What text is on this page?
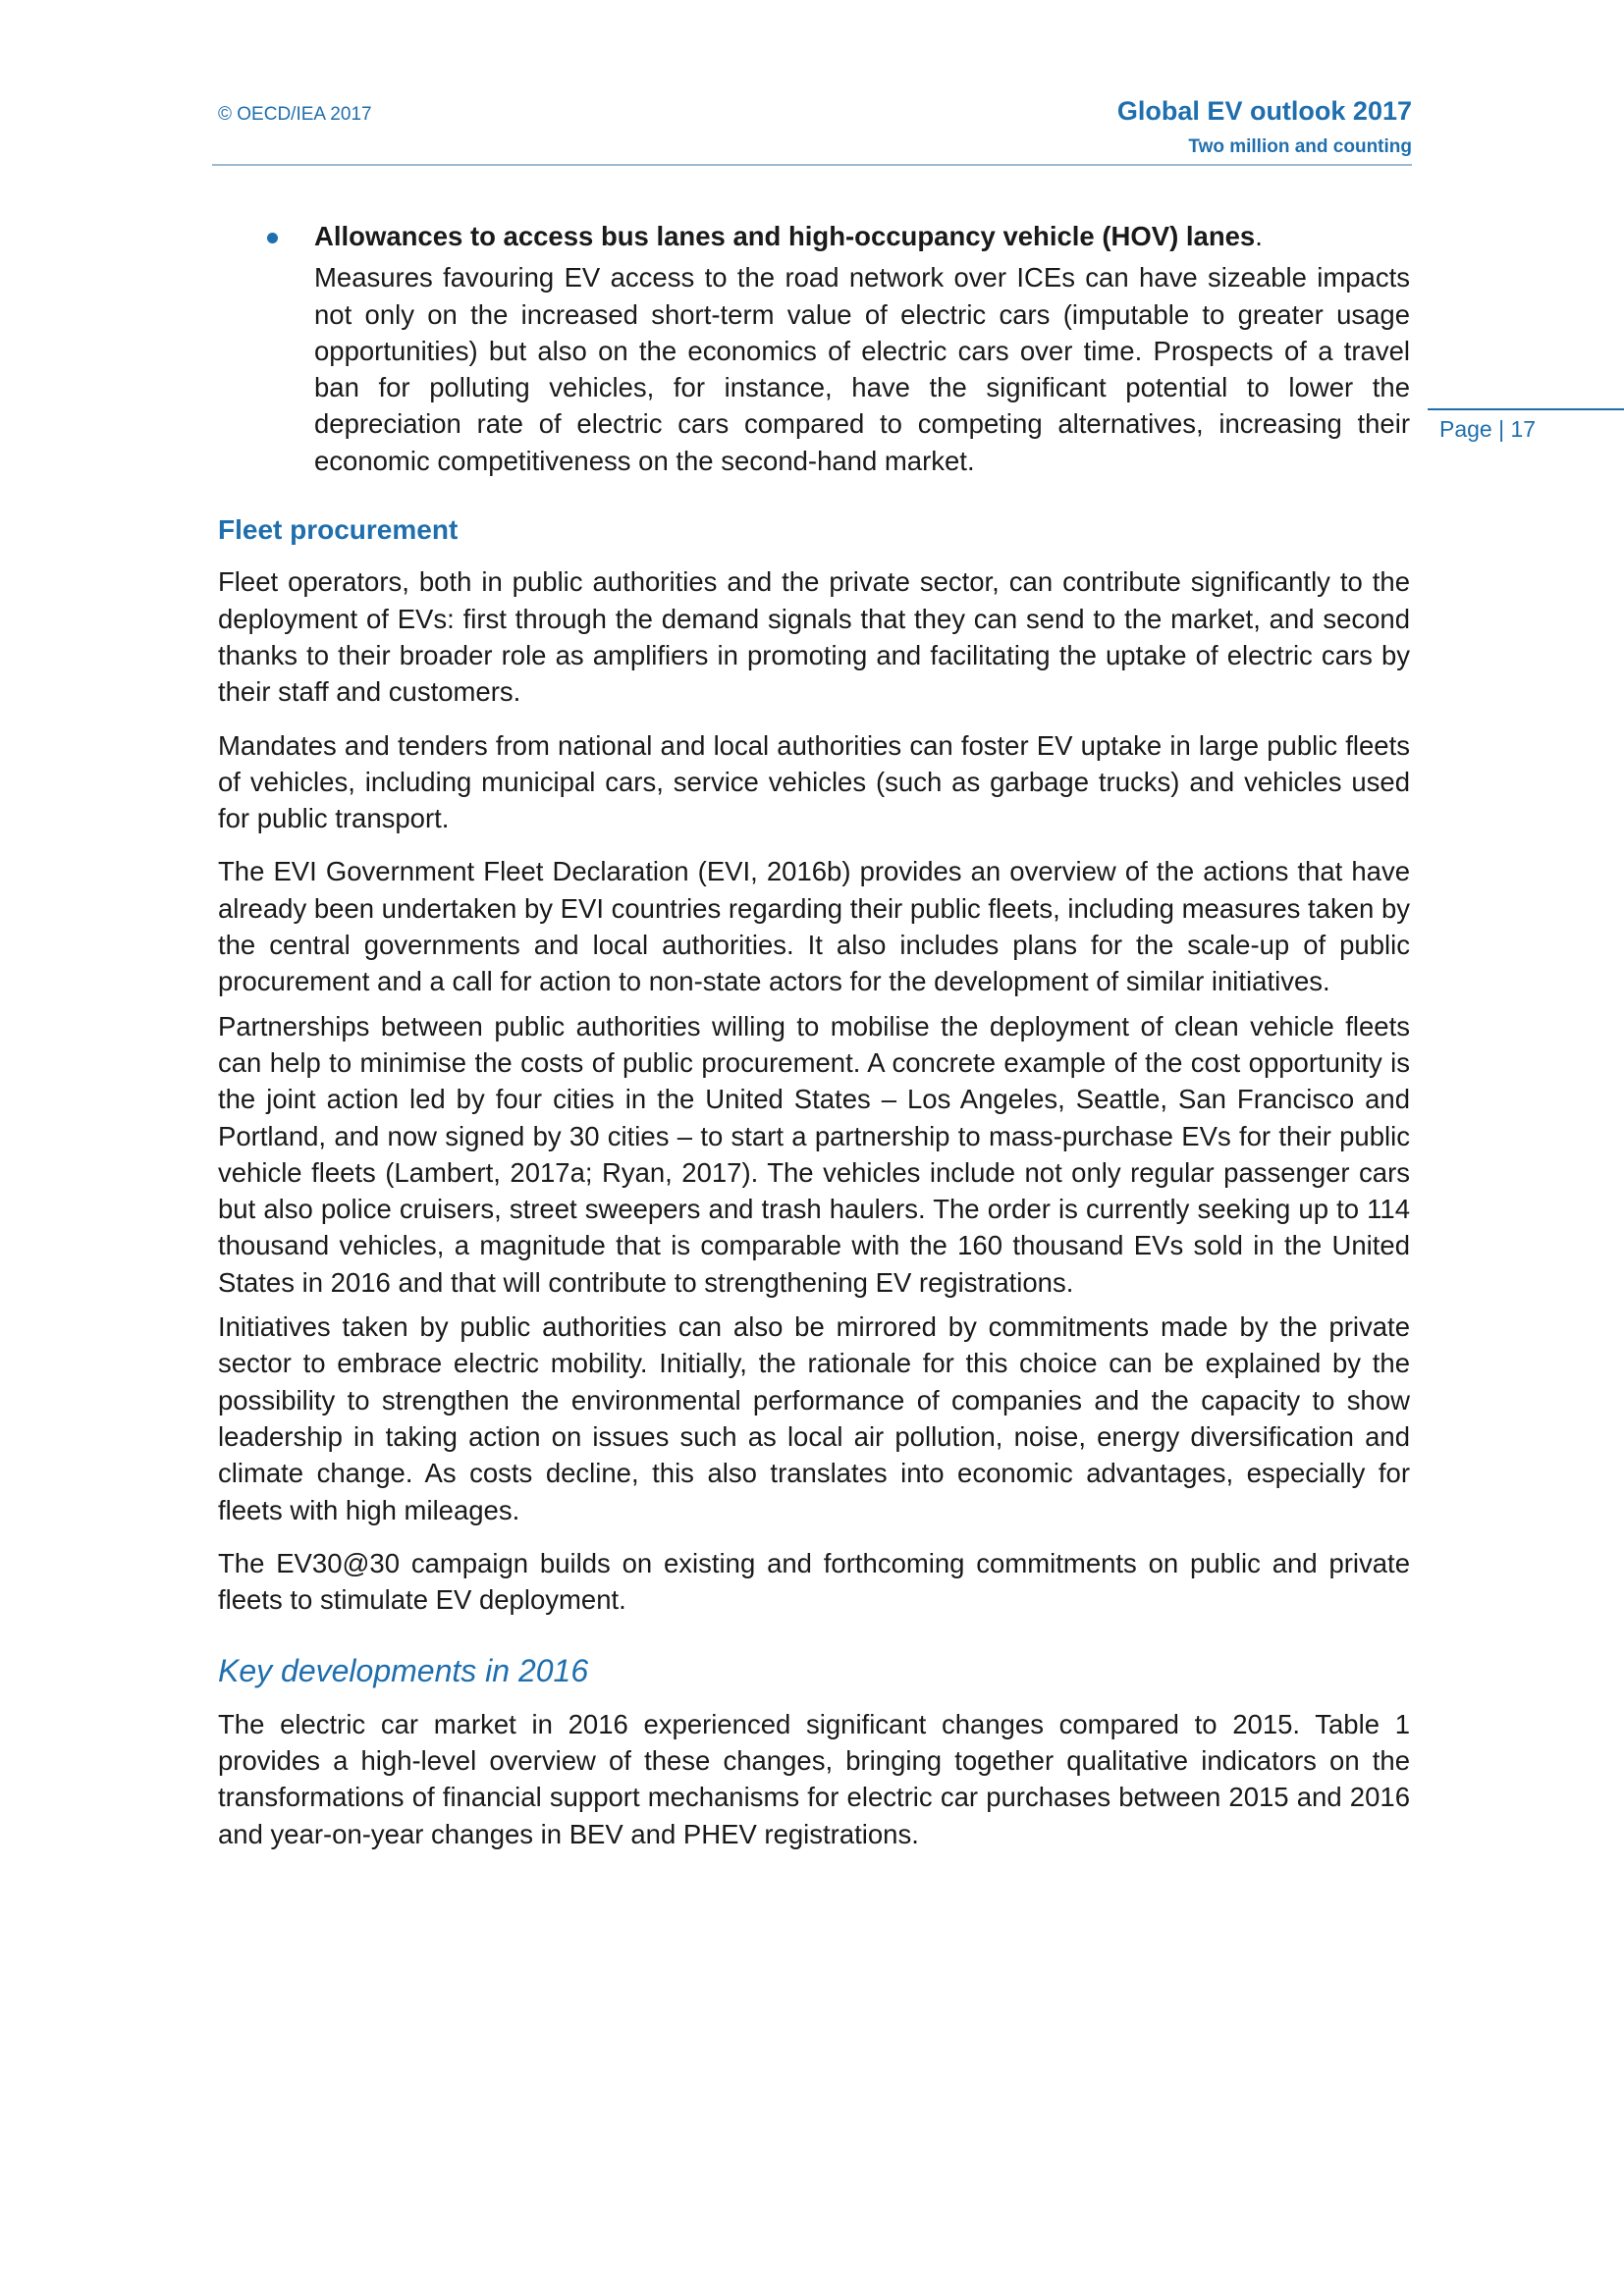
© OECD/IEA 2017	Global EV outlook 2017
Two million and counting
Page | 17

Allowances to access bus lanes and high-occupancy vehicle (HOV) lanes.

Measures favouring EV access to the road network over ICEs can have sizeable impacts not only on the increased short-term value of electric cars (imputable to greater usage opportunities) but also on the economics of electric cars over time. Prospects of a travel ban for polluting vehicles, for instance, have the significant potential to lower the depreciation rate of electric cars compared to competing alternatives, increasing their economic competitiveness on the second-hand market.

Fleet procurement

Fleet operators, both in public authorities and the private sector, can contribute significantly to the deployment of EVs: first through the demand signals that they can send to the market, and second thanks to their broader role as amplifiers in promoting and facilitating the uptake of electric cars by their staff and customers.

Mandates and tenders from national and local authorities can foster EV uptake in large public fleets of vehicles, including municipal cars, service vehicles (such as garbage trucks) and vehicles used for public transport.

The EVI Government Fleet Declaration (EVI, 2016b) provides an overview of the actions that have already been undertaken by EVI countries regarding their public fleets, including measures taken by the central governments and local authorities. It also includes plans for the scale-up of public procurement and a call for action to non-state actors for the development of similar initiatives.

Partnerships between public authorities willing to mobilise the deployment of clean vehicle fleets can help to minimise the costs of public procurement. A concrete example of the cost opportunity is the joint action led by four cities in the United States – Los Angeles, Seattle, San Francisco and Portland, and now signed by 30 cities – to start a partnership to mass-purchase EVs for their public vehicle fleets (Lambert, 2017a; Ryan, 2017). The vehicles include not only regular passenger cars but also police cruisers, street sweepers and trash haulers. The order is currently seeking up to 114 thousand vehicles, a magnitude that is comparable with the 160 thousand EVs sold in the United States in 2016 and that will contribute to strengthening EV registrations.

Initiatives taken by public authorities can also be mirrored by commitments made by the private sector to embrace electric mobility. Initially, the rationale for this choice can be explained by the possibility to strengthen the environmental performance of companies and the capacity to show leadership in taking action on issues such as local air pollution, noise, energy diversification and climate change. As costs decline, this also translates into economic advantages, especially for fleets with high mileages.

The EV30@30 campaign builds on existing and forthcoming commitments on public and private fleets to stimulate EV deployment.

Key developments in 2016

The electric car market in 2016 experienced significant changes compared to 2015. Table 1 provides a high-level overview of these changes, bringing together qualitative indicators on the transformations of financial support mechanisms for electric car purchases between 2015 and 2016 and year-on-year changes in BEV and PHEV registrations.
